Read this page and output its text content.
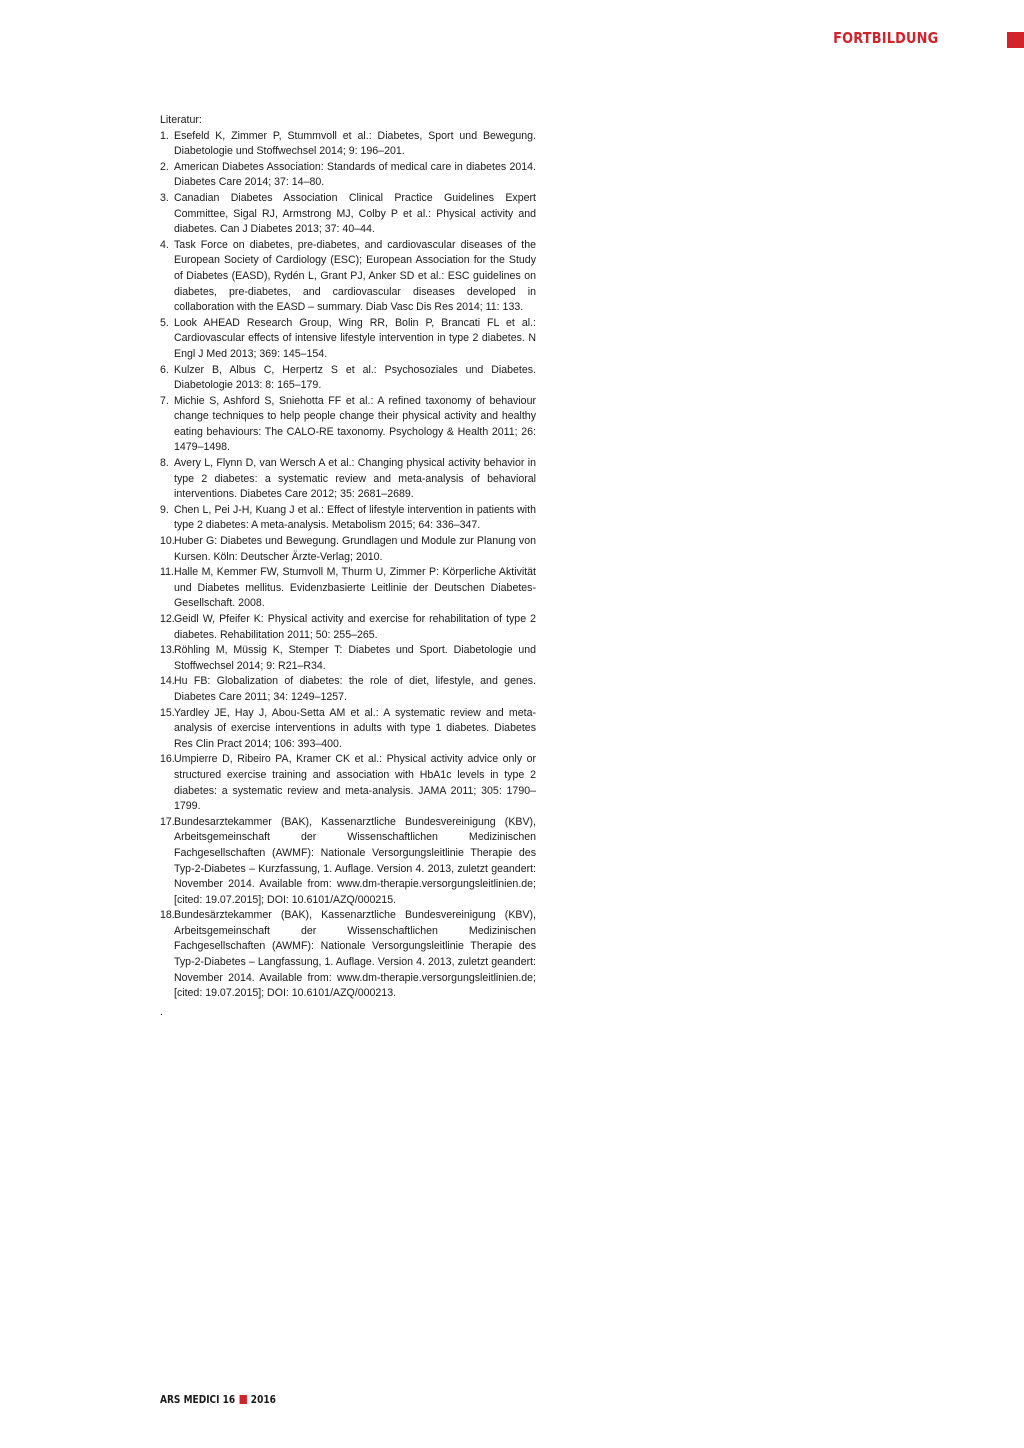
FORTBILDUNG

Literatur:

1. Esefeld K, Zimmer P, Stummvoll et al.: Diabetes, Sport und Bewegung. Diabetologie und Stoffwechsel 2014; 9: 196–201.
2. American Diabetes Association: Standards of medical care in diabetes 2014. Diabetes Care 2014; 37: 14–80.
3. Canadian Diabetes Association Clinical Practice Guidelines Expert Committee, Sigal RJ, Armstrong MJ, Colby P et al.: Physical activity and diabetes. Can J Diabetes 2013; 37: 40–44.
4. Task Force on diabetes, pre-diabetes, and cardiovascular diseases of the European Society of Cardiology (ESC); European Association for the Study of Diabetes (EASD), Rydén L, Grant PJ, Anker SD et al.: ESC guidelines on diabetes, pre-diabetes, and cardiovascular diseases developed in collaboration with the EASD – summary. Diab Vasc Dis Res 2014; 11: 133.
5. Look AHEAD Research Group, Wing RR, Bolin P, Brancati FL et al.: Cardiovascular effects of intensive lifestyle intervention in type 2 diabetes. N Engl J Med 2013; 369: 145–154.
6. Kulzer B, Albus C, Herpertz S et al.: Psychosoziales und Diabetes. Diabetologie 2013: 8: 165–179.
7. Michie S, Ashford S, Sniehotta FF et al.: A refined taxonomy of behaviour change techniques to help people change their physical activity and healthy eating behaviours: The CALO-RE taxonomy. Psychology & Health 2011; 26: 1479–1498.
8. Avery L, Flynn D, van Wersch A et al.: Changing physical activity behavior in type 2 diabetes: a systematic review and meta-analysis of behavioral interventions. Diabetes Care 2012; 35: 2681–2689.
9. Chen L, Pei J-H, Kuang J et al.: Effect of lifestyle intervention in patients with type 2 diabetes: A meta-analysis. Metabolism 2015; 64: 336–347.
10. Huber G: Diabetes und Bewegung. Grundlagen und Module zur Planung von Kursen. Köln: Deutscher Ärzte-Verlag; 2010.
11. Halle M, Kemmer FW, Stumvoll M, Thurm U, Zimmer P: Körperliche Aktivität und Diabetes mellitus. Evidenzbasierte Leitlinie der Deutschen Diabetes-Gesellschaft. 2008.
12. Geidl W, Pfeifer K: Physical activity and exercise for rehabilitation of type 2 diabetes. Rehabilitation 2011; 50: 255–265.
13. Röhling M, Müssig K, Stemper T: Diabetes und Sport. Diabetologie und Stoffwechsel 2014; 9: R21–R34.
14. Hu FB: Globalization of diabetes: the role of diet, lifestyle, and genes. Diabetes Care 2011; 34: 1249–1257.
15. Yardley JE, Hay J, Abou-Setta AM et al.: A systematic review and meta-analysis of exercise interventions in adults with type 1 diabetes. Diabetes Res Clin Pract 2014; 106: 393–400.
16. Umpierre D, Ribeiro PA, Kramer CK et al.: Physical activity advice only or structured exercise training and association with HbA1c levels in type 2 diabetes: a systematic review and meta-analysis. JAMA 2011; 305: 1790–1799.
17. Bundesarztekammer (BAK), Kassenarztliche Bundesvereinigung (KBV), Arbeitsgemeinschaft der Wissenschaftlichen Medizinischen Fachgesellschaften (AWMF): Nationale Versorgungsleitlinie Therapie des Typ-2-Diabetes – Kurzfassung, 1. Auflage. Version 4. 2013, zuletzt geandert: November 2014. Available from: www.dm-therapie.versorgungsleitlinien.de; [cited: 19.07.2015]; DOI: 10.6101/AZQ/000215.
18. Bundesärztekammer (BAK), Kassenarztliche Bundesvereinigung (KBV), Arbeitsgemeinschaft der Wissenschaftlichen Medizinischen Fachgesellschaften (AWMF): Nationale Versorgungsleitlinie Therapie des Typ-2-Diabetes – Langfassung, 1. Auflage. Version 4. 2013, zuletzt geandert: November 2014. Available from: www.dm-therapie.versorgungsleitlinien.de; [cited: 19.07.2015]; DOI: 10.6101/AZQ/000213.
.
ARS MEDICI 16 2016
